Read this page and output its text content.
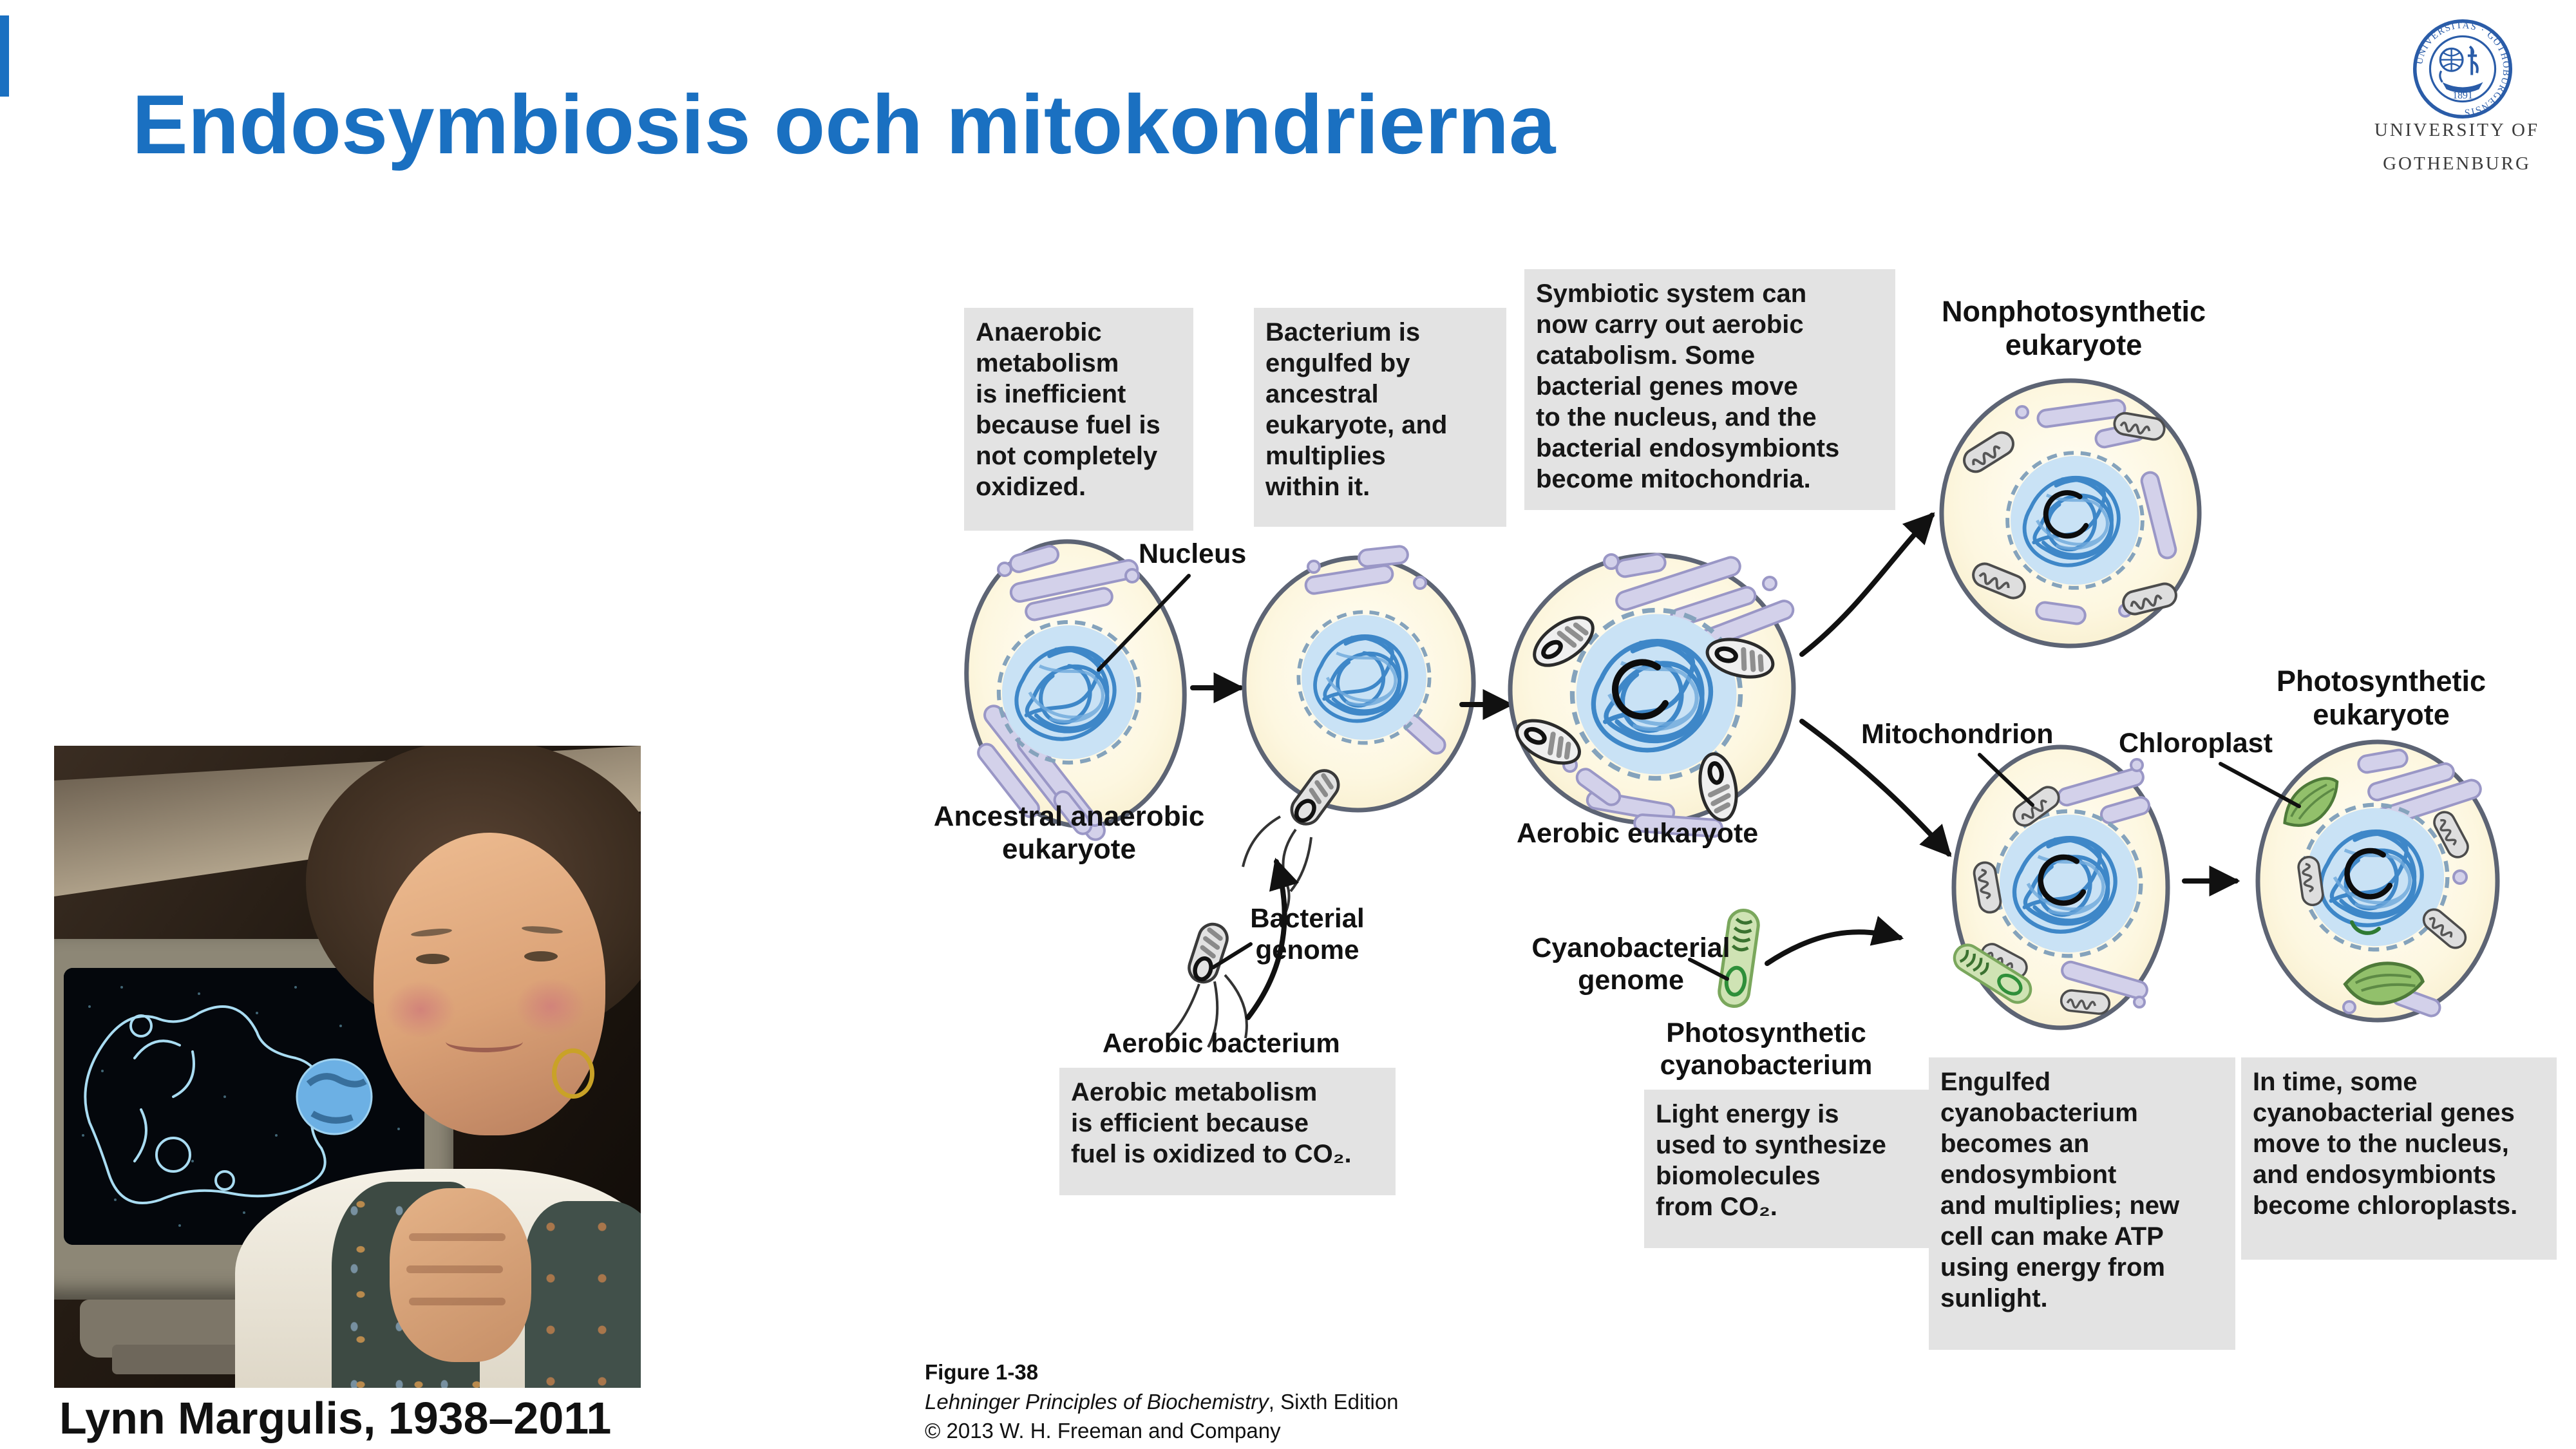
Endosymbiosis och mitokondrierna
UNIVERSITAS · GOTHOBURGENSIS
1891
UNIVERSITY OF
GOTHENBURG
Lynn Margulis, 1938–2011
Anaerobic
metabolism
is inefficient
because fuel is
not completely
oxidized.
Bacterium is
engulfed by
ancestral
eukaryote, and
multiplies
within it.
Symbiotic system can
now carry out aerobic
catabolism. Some
bacterial genes move
to the nucleus, and the
bacterial endosymbionts
become mitochondria.
Aerobic metabolism
is efficient because
fuel is oxidized to CO₂.
Light energy is
used to synthesize
biomolecules
from CO₂.
Engulfed
cyanobacterium
becomes an
endosymbiont
and multiplies; new
cell can make ATP
using energy from
sunlight.
In time, some
cyanobacterial genes
move to the nucleus,
and endosymbionts
become chloroplasts.
Nucleus
Ancestral anaerobic
eukaryote
Bacterial
genome
Aerobic bacterium
Aerobic eukaryote
Nonphotosynthetic
eukaryote
Mitochondrion Chloroplast
Photosynthetic
eukaryote
Cyanobacterial
genome
Photosynthetic
cyanobacterium
Figure 1-38
Lehninger Principles of Biochemistry, Sixth Edition
© 2013 W. H. Freeman and Company
